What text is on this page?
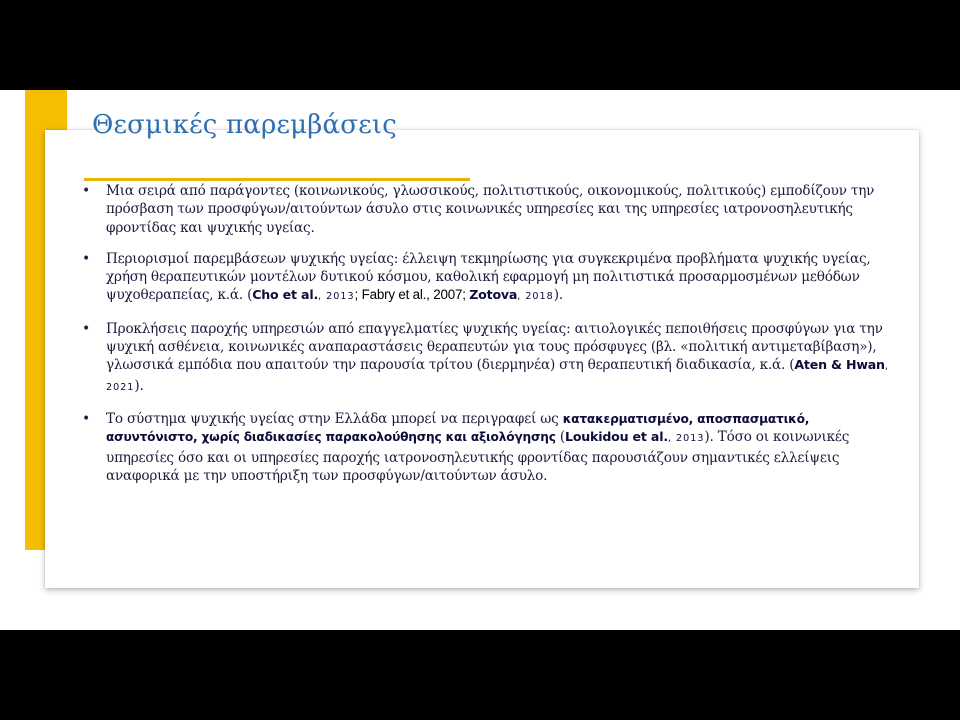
Θεσμικές παρεμβάσεις
•	Μια σειρά από παράγοντες (κοινωνικούς, γλωσσικούς, πολιτιστικούς, οικονομικούς, πολιτικούς) εμποδίζουν την πρόσβαση των προσφύγων/αιτούντων άσυλο στις κοινωνικές υπηρεσίες και της υπηρεσίες ιατρονοσηλευτικής φροντίδας και ψυχικής υγείας.
•	Περιορισμοί παρεμβάσεων ψυχικής υγείας: έλλειψη τεκμηρίωσης για συγκεκριμένα προβλήματα ψυχικής υγείας, χρήση θεραπευτικών μοντέλων δυτικού κόσμου, καθολική εφαρμογή μη πολιτιστικά προσαρμοσμένων μεθόδων ψυχοθεραπείας, κ.ά. (Cho et al., 2013; Fabry et al., 2007; Zotova, 2018).
•	Προκλήσεις παροχής υπηρεσιών από επαγγελματίες ψυχικής υγείας: αιτιολογικές πεποιθήσεις προσφύγων για την ψυχική ασθένεια, κοινωνικές αναπαραστάσεις θεραπευτών για τους πρόσφυγες (βλ. «πολιτική αντιμεταβίβαση»), γλωσσικά εμπόδια που απαιτούν την παρουσία τρίτου (διερμηνέα) στη θεραπευτική διαδικασία, κ.ά. (Aten & Hwan, 2021).
•	Το σύστημα ψυχικής υγείας στην Ελλάδα μπορεί να περιγραφεί ως κατακερματισμένο, αποσπασματικό, ασυντόνιστο, χωρίς διαδικασίες παρακολούθησης και αξιολόγησης (Loukidou et al., 2013). Τόσο οι κοινωνικές υπηρεσίες όσο και οι υπηρεσίες παροχής ιατρονοσηλευτικής φροντίδας παρουσιάζουν σημαντικές ελλείψεις αναφορικά με την υποστήριξη των προσφύγων/αιτούντων άσυλο.
